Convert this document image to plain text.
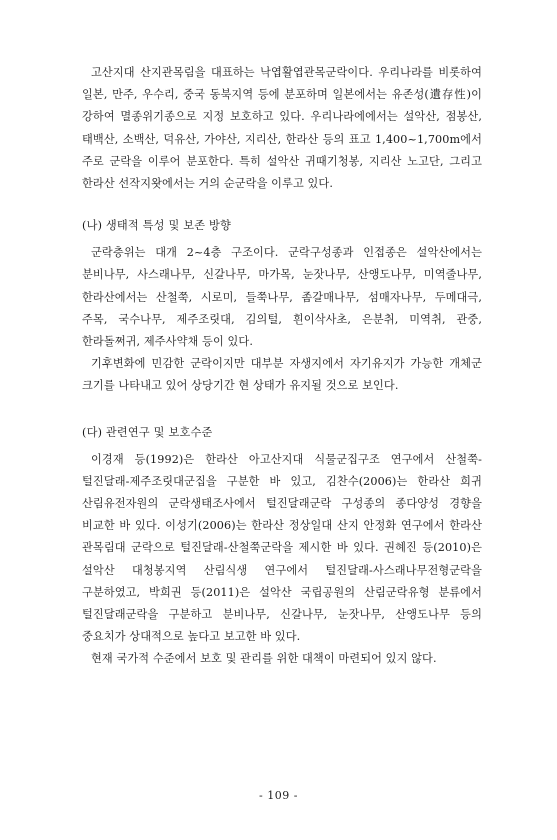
고산지대 산지관목림을 대표하는 낙엽활엽관목군락이다. 우리나라를 비롯하여 일본, 만주, 우수리, 중국 동북지역 등에 분포하며 일본에서는 유존성(遺存性)이 강하여 멸종위기종으로 지정 보호하고 있다. 우리나라에에서는 설악산, 점봉산, 태백산, 소백산, 덕유산, 가야산, 지리산, 한라산 등의 표고 1,400~1,700m에서 주로 군락을 이루어 분포한다. 특히 설악산 귀때기청봉, 지리산 노고단, 그리고 한라산 선작지왓에서는 거의 순군락을 이루고 있다.

(나) 생태적 특성 및 보존 방향

군락층위는 대개 2~4층 구조이다. 군락구성종과 인접종은 설악산에서는 분비나무, 사스래나무, 신갈나무, 마가목, 눈잣나무, 산앵도나무, 미역줄나무, 한라산에서는 산철쭉, 시로미, 들쭉나무, 좀갈매나무, 섬매자나무, 두메대극, 주목, 국수나무, 제주조릿대, 김의털, 흰이삭사초, 은분취, 미역취, 관중, 한라돌쩌귀, 제주사약채 등이 있다.

기후변화에 민감한 군락이지만 대부분 자생지에서 자기유지가 가능한 개체군 크기를 나타내고 있어 상당기간 현 상태가 유지될 것으로 보인다.

(다) 관련연구 및 보호수준

이경재 등(1992)은 한라산 아고산지대 식물군집구조 연구에서 산철쭉-털진달래-제주조릿대군집을 구분한 바 있고, 김찬수(2006)는 한라산 희귀 산림유전자원의 군락생태조사에서 털진달래군락 구성종의 종다양성 경향을 비교한 바 있다. 이성기(2006)는 한라산 정상일대 산지 안정화 연구에서 한라산 관목림대 군락으로 털진달래-산철쭉군락을 제시한 바 있다. 권혜진 등(2010)은 설악산 대청봉지역 산림식생 연구에서 털진달래-사스래나무전형군락을 구분하였고, 박희권 등(2011)은 설악산 국립공원의 산림군락유형 분류에서 털진달래군락을 구분하고 분비나무, 신갈나무, 눈잣나무, 산앵도나무 등의 중요치가 상대적으로 높다고 보고한 바 있다.

현재 국가적 수준에서 보호 및 관리를 위한 대책이 마련되어 있지 않다.

- 109 -
